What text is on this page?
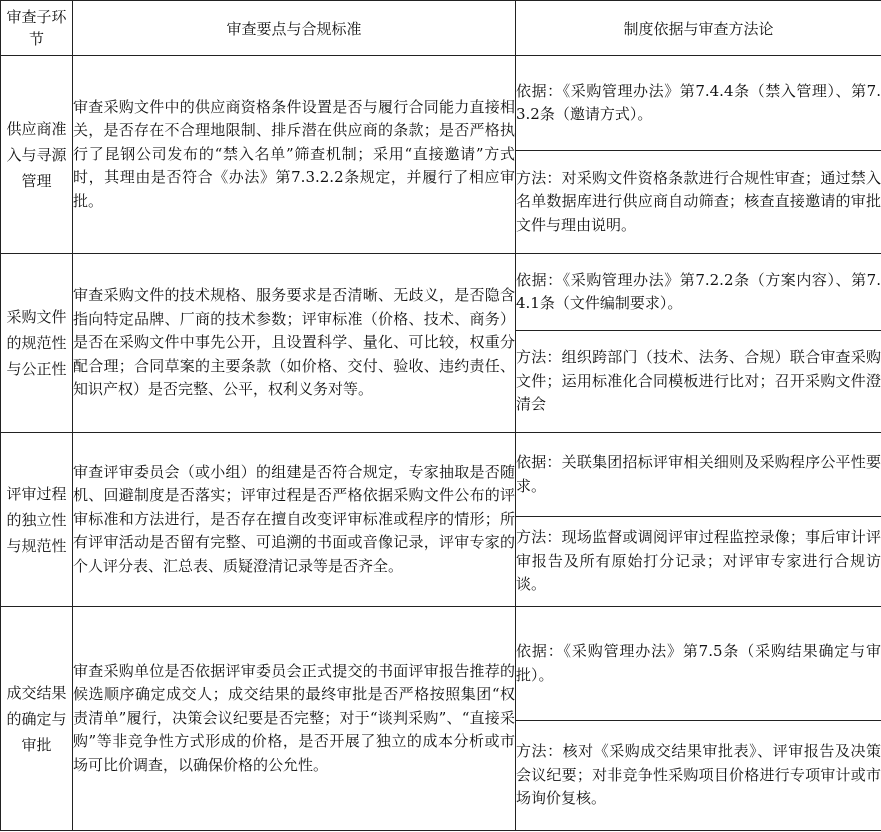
审查子环节	审查要点与合规标准	制度依据与审查方法论
供应商准入与寻源管理	审查采购文件中的供应商资格条件设置是否与履行合同能力直接相关，是否存在不合理地限制、排斥潜在供应商的条款；是否严格执行了昆钢公司发布的“禁入名单”筛查机制；采用“直接邀请”方式时，其理由是否符合《办法》第7.3.2.2条规定，并履行了相应审批。	依据：《采购管理办法》第7.4.4条（禁入管理）、第7.3.2条（邀请方式）。
		方法：对采购文件资格条款进行合规性审查；通过禁入名单数据库进行供应商自动筛查；核查直接邀请的审批文件与理由说明。
采购文件的规范性与公正性	审查采购文件的技术规格、服务要求是否清晰、无歧义，是否隐含指向特定品牌、厂商的技术参数；评审标准（价格、技术、商务）是否在采购文件中事先公开，且设置科学、量化、可比较，权重分配合理；合同草案的主要条款（如价格、交付、验收、违约责任、知识产权）是否完整、公平，权利义务对等。	依据：《采购管理办法》第7.2.2条（方案内容）、第7.4.1条（文件编制要求）。
		方法：组织跨部门（技术、法务、合规）联合审查采购文件；运用标准化合同模板进行比对；召开采购文件澄清会
评审过程的独立性与规范性	审查评审委员会（或小组）的组建是否符合规定，专家抽取是否随机、回避制度是否落实；评审过程是否严格依据采购文件公布的评审标准和方法进行，是否存在擅自改变评审标准或程序的情形；所有评审活动是否留有完整、可追溯的书面或音像记录，评审专家的个人评分表、汇总表、质疑澄清记录等是否齐全。	依据：关联集团招标评审相关细则及采购程序公平性要求。
		方法：现场监督或调阅评审过程监控录像；事后审计评审报告及所有原始打分记录；对评审专家进行合规访谈。
成交结果的确定与审批	审查采购单位是否依据评审委员会正式提交的书面评审报告推荐的候选顺序确定成交人；成交结果的最终审批是否严格按照集团“权责清单”履行，决策会议纪要是否完整；对于“谈判采购”、“直接采购”等非竞争性方式形成的价格，是否开展了独立的成本分析或市场可比价调查，以确保价格的公允性。	依据：《采购管理办法》第7.5条（采购结果确定与审批）。
		方法：核对《采购成交结果审批表》、评审报告及决策会议纪要；对非竞争性采购项目价格进行专项审计或市场询价复核。
